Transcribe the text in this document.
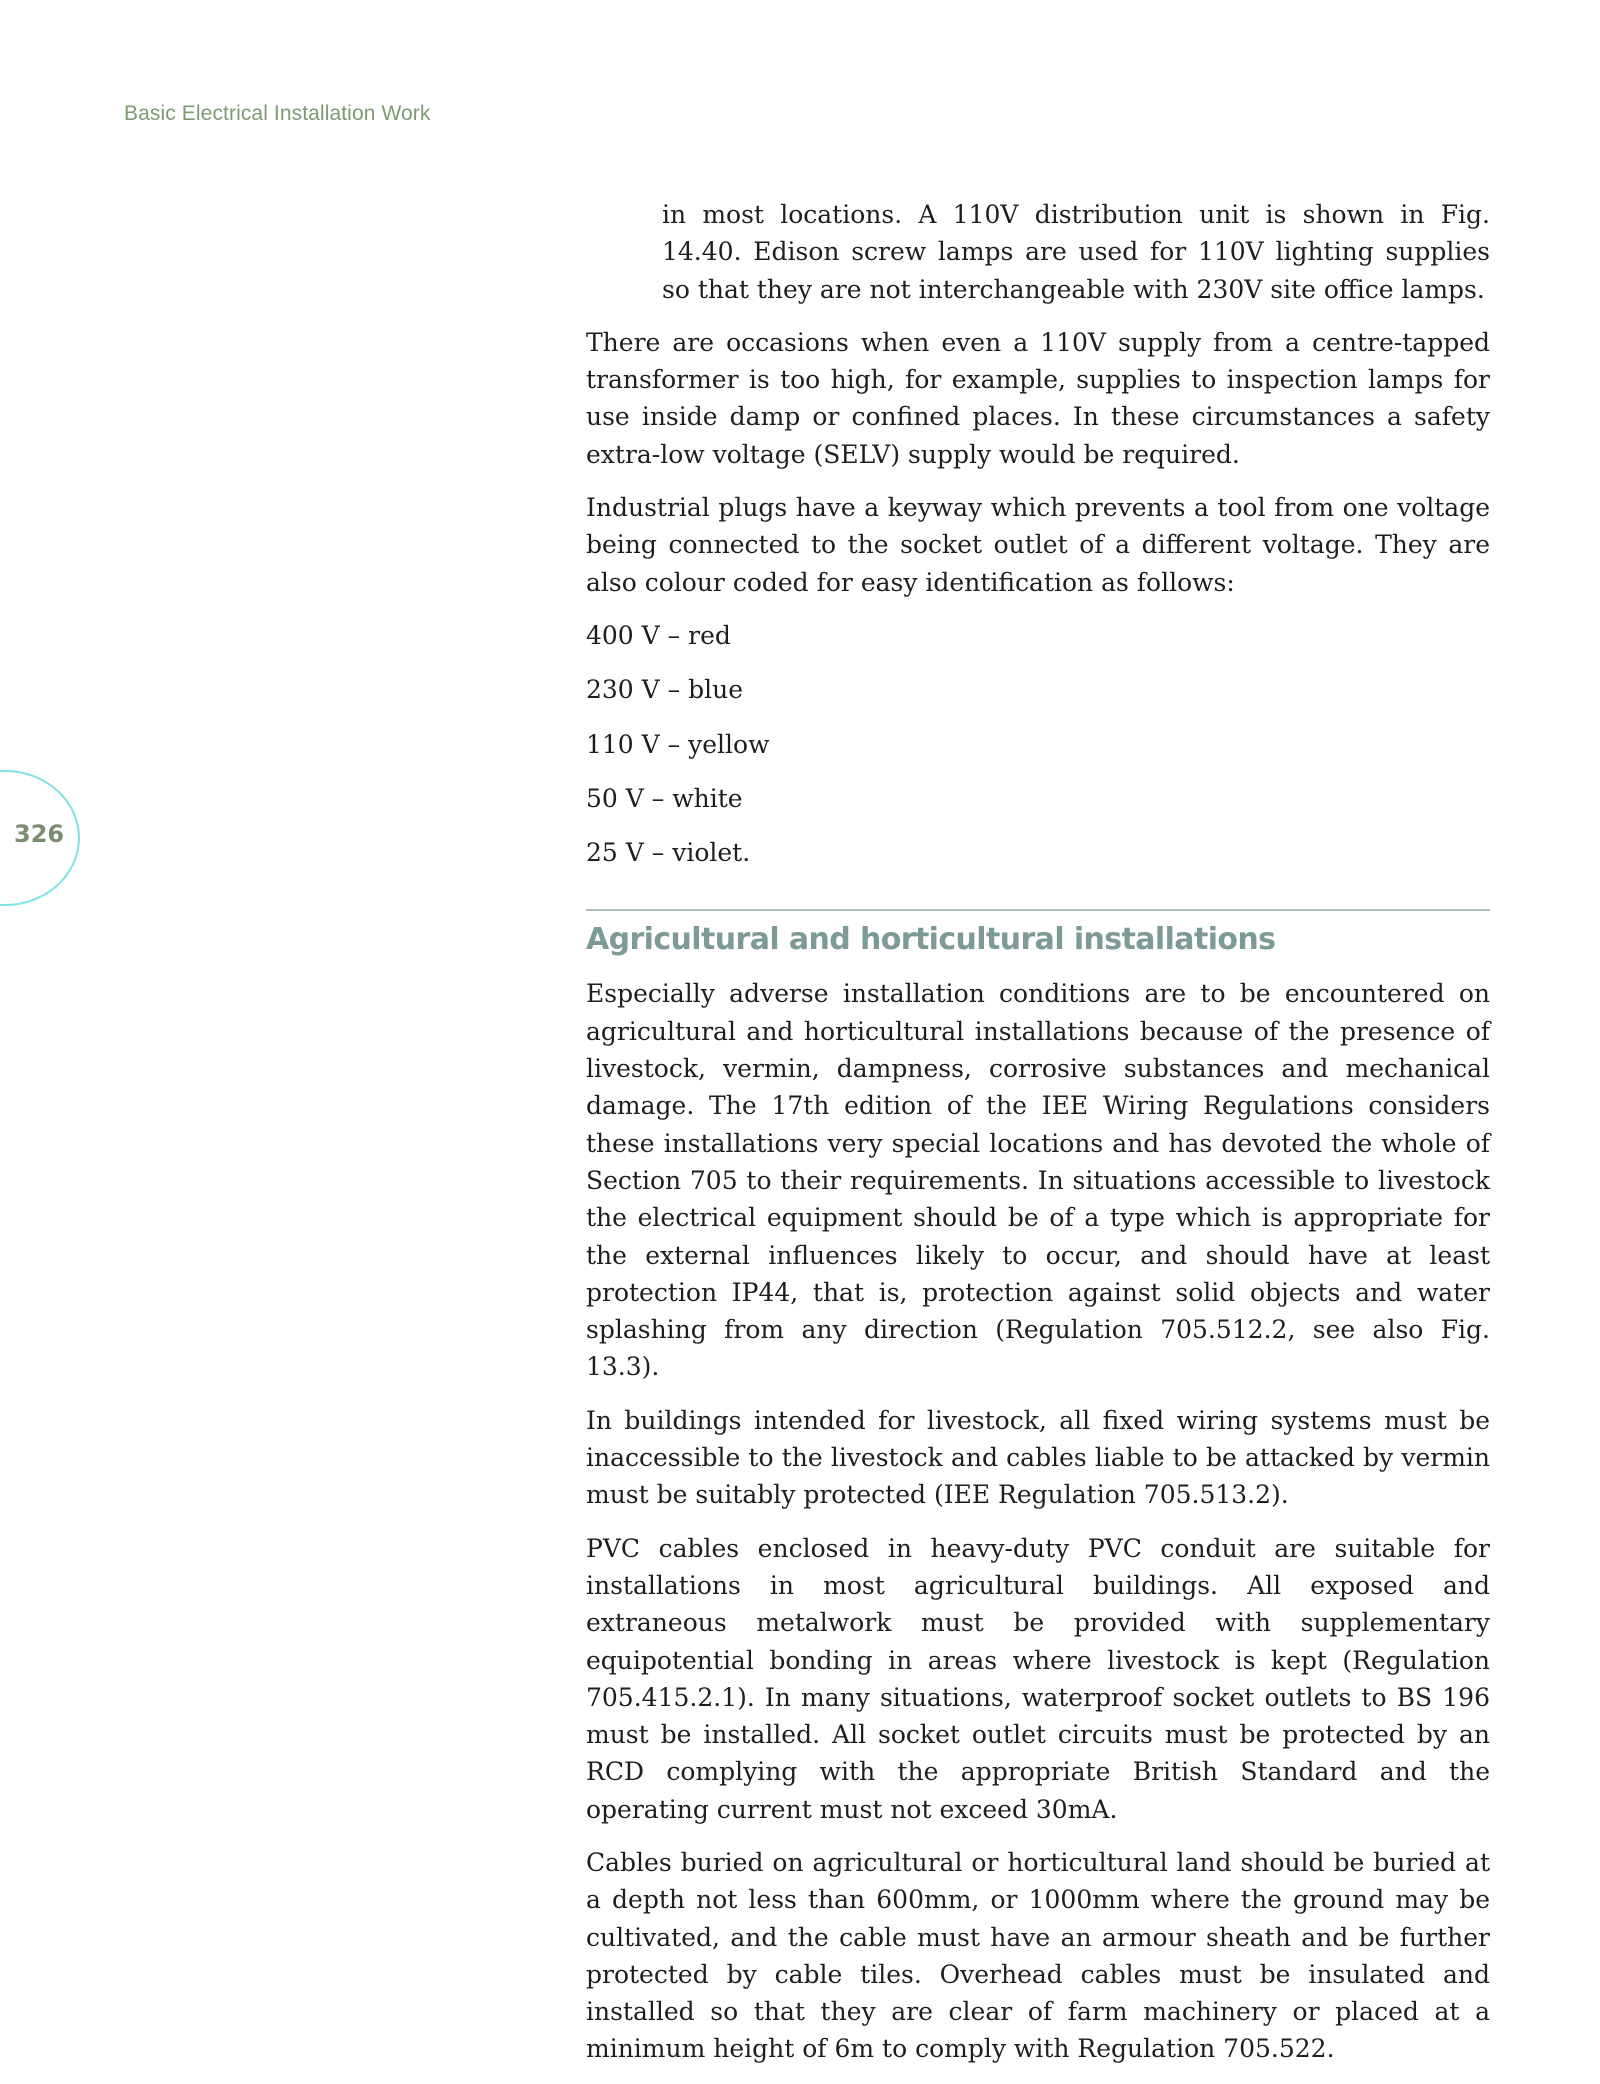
Basic Electrical Installation Work
326

in most locations. A 110V distribution unit is shown in Fig. 14.40. Edison screw lamps are used for 110V lighting supplies so that they are not interchangeable with 230V site office lamps.

There are occasions when even a 110V supply from a centre-tapped transformer is too high, for example, supplies to inspection lamps for use inside damp or confined places. In these circumstances a safety extra-low voltage (SELV) supply would be required.

Industrial plugs have a keyway which prevents a tool from one voltage being connected to the socket outlet of a different voltage. They are also colour coded for easy identification as follows:

400 V – red

230 V – blue

110 V – yellow

50 V – white

25 V – violet.

Agricultural and horticultural installations

Especially adverse installation conditions are to be encountered on agricultural and horticultural installations because of the presence of livestock, vermin, dampness, corrosive substances and mechanical damage. The 17th edition of the IEE Wiring Regulations considers these installations very special locations and has devoted the whole of Section 705 to their requirements. In situations accessible to livestock the electrical equipment should be of a type which is appropriate for the external influences likely to occur, and should have at least protection IP44, that is, protection against solid objects and water splashing from any direction (Regulation 705.512.2, see also Fig. 13.3).

In buildings intended for livestock, all fixed wiring systems must be inaccessible to the livestock and cables liable to be attacked by vermin must be suitably protected (IEE Regulation 705.513.2).

PVC cables enclosed in heavy-duty PVC conduit are suitable for installations in most agricultural buildings. All exposed and extraneous metalwork must be provided with supplementary equipotential bonding in areas where livestock is kept (Regulation 705.415.2.1). In many situations, waterproof socket outlets to BS 196 must be installed. All socket outlet circuits must be protected by an RCD complying with the appropriate British Standard and the operating current must not exceed 30mA.

Cables buried on agricultural or horticultural land should be buried at a depth not less than 600mm, or 1000mm where the ground may be cultivated, and the cable must have an armour sheath and be further protected by cable tiles. Overhead cables must be insulated and installed so that they are clear of farm machinery or placed at a minimum height of 6m to comply with Regulation 705.522.
